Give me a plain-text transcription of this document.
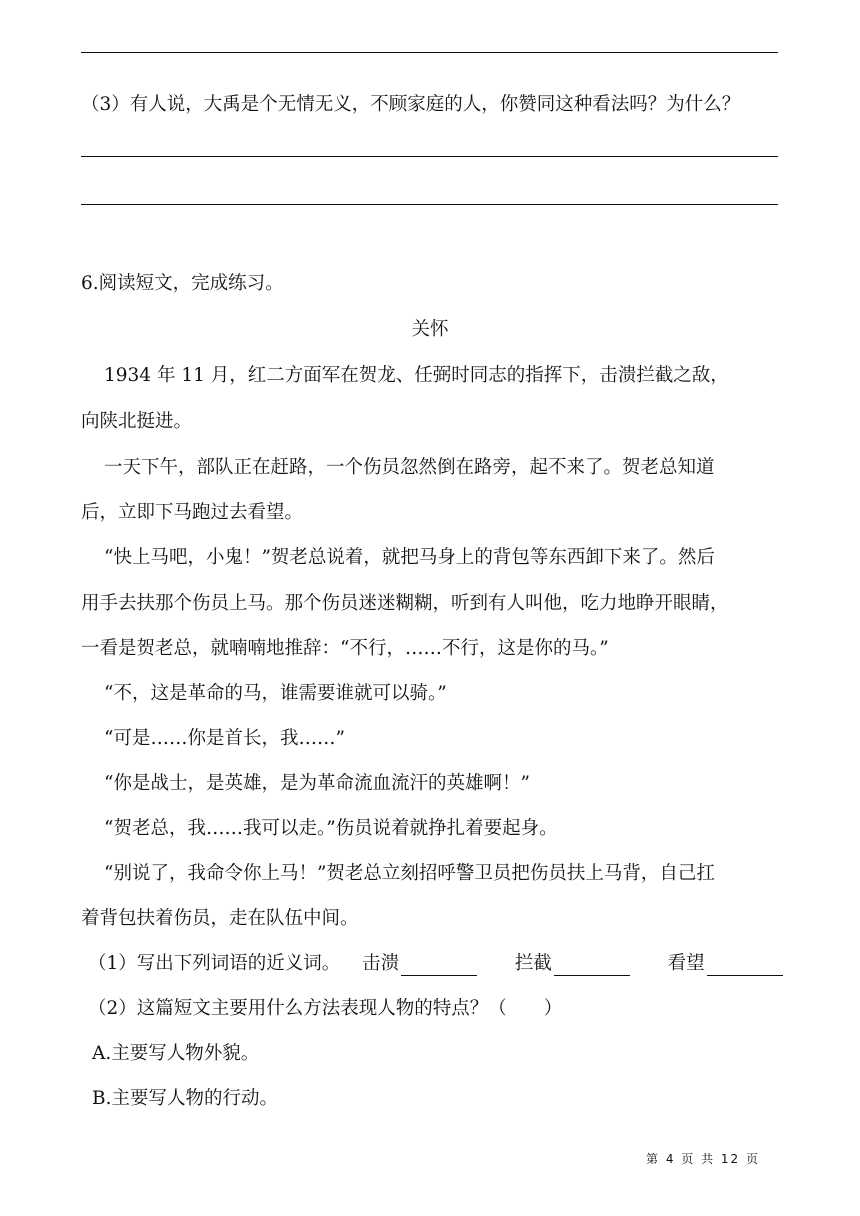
（3）有人说，大禹是个无情无义，不顾家庭的人，你赞同这种看法吗？为什么？
6.阅读短文，完成练习。
关怀
1934 年 11 月，红二方面军在贺龙、任弼时同志的指挥下，击溃拦截之敌，
向陕北挺进。
一天下午，部队正在赶路，一个伤员忽然倒在路旁，起不来了。贺老总知道
后，立即下马跑过去看望。
“快上马吧，小鬼！”贺老总说着，就把马身上的背包等东西卸下来了。然后
用手去扶那个伤员上马。那个伤员迷迷糊糊，听到有人叫他，吃力地睁开眼睛，
一看是贺老总，就喃喃地推辞：“不行，……不行，这是你的马。”
“不，这是革命的马，谁需要谁就可以骑。”
“可是……你是首长，我……”
“你是战士，是英雄，是为革命流血流汗的英雄啊！”
“贺老总，我……我可以走。”伤员说着就挣扎着要起身。
“别说了，我命令你上马！”贺老总立刻招呼警卫员把伤员扶上马背，自己扛
着背包扶着伤员，走在队伍中间。
（1）写出下列词语的近义词。 击溃	拦截	看望
（2）这篇短文主要用什么方法表现人物的特点？（　　）
A.主要写人物外貌。
B.主要写人物的行动。
第 4 页 共 12 页
